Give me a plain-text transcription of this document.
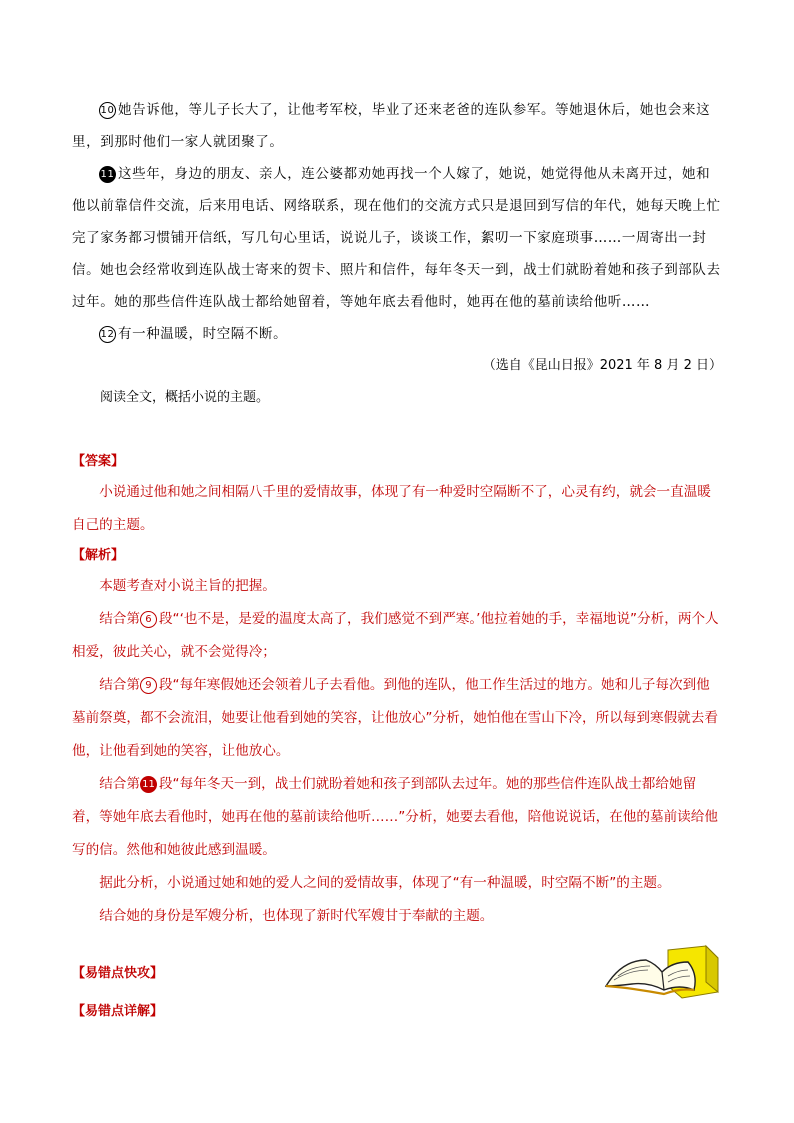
10 她告诉他，等儿子长大了，让他考军校，毕业了还来老爸的连队参军。等她退休后，她也会来这里，到那时他们一家人就团聚了。

11 这些年，身边的朋友、亲人，连公婆都劝她再找一个人嫁了，她说，她觉得他从未离开过，她和他以前靠信件交流，后来用电话、网络联系，现在他们的交流方式只是退回到写信的年代，她每天晚上忙完了家务都习惯铺开信纸，写几句心里话，说说儿子，谈谈工作，絮叨一下家庭琐事……一周寄出一封信。她也会经常收到连队战士寄来的贺卡、照片和信件，每年冬天一到，战士们就盼着她和孩子到部队去过年。她的那些信件连队战士都给她留着，等她年底去看他时，她再在他的墓前读给他听……

12 有一种温暖，时空隔不断。

（选自《昆山日报》2021 年 8 月 2 日）
阅读全文，概括小说的主题。
【答案】

小说通过他和她之间相隔八千里的爱情故事，体现了有一种爱时空隔断不了，心灵有约，就会一直温暖自己的主题。

【解析】

本题考查对小说主旨的把握。

结合第 6 段“‘也不是，是爱的温度太高了，我们感觉不到严寒。’他拉着她的手，幸福地说”分析，两个人相爱，彼此关心，就不会觉得冷；

结合第 9 段“每年寒假她还会领着儿子去看他。到他的连队，他工作生活过的地方。她和儿子每次到他墓前祭奠，都不会流泪，她要让他看到她的笑容，让他放心”分析，她怕他在雪山下冷，所以每到寒假就去看他，让他看到她的笑容，让他放心。

结合第 11 段“每年冬天一到，战士们就盼着她和孩子到部队去过年。她的那些信件连队战士都给她留着，等她年底去看他时，她再在他的墓前读给他听……”分析，她要去看他，陪他说说话，在他的墓前读给他写的信。然他和她彼此感到温暖。

据此分析，小说通过她和她的爱人之间的爱情故事，体现了“有一种温暖，时空隔不断”的主题。

结合她的身份是军嫂分析，也体现了新时代军嫂甘于奉献的主题。

【易错点快攻】
【易错点详解】
